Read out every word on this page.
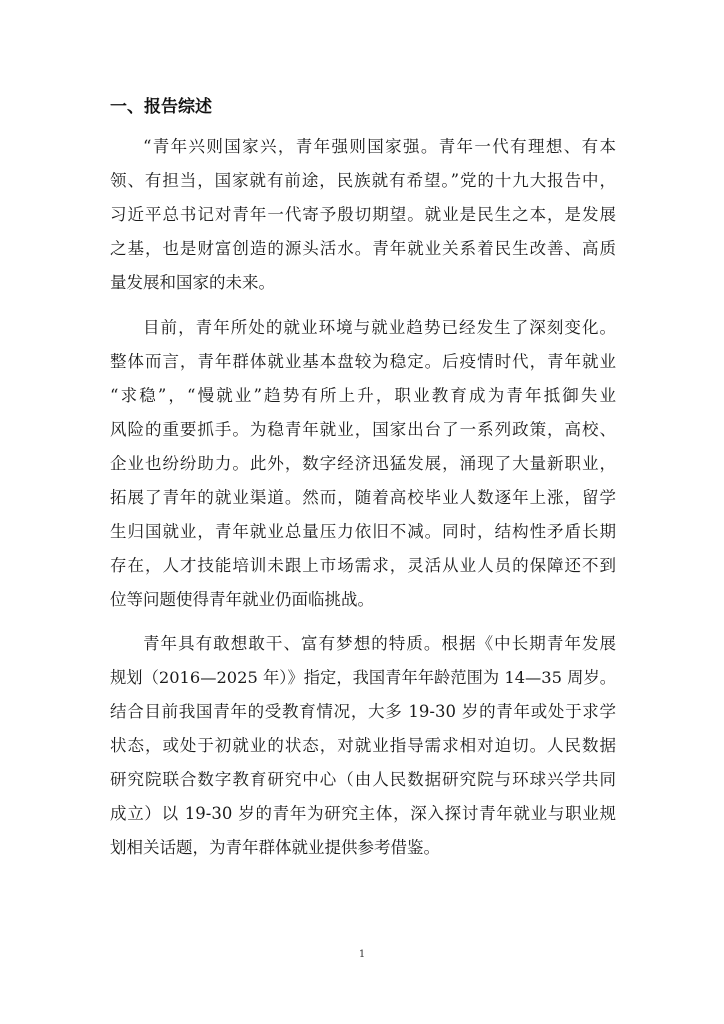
一、报告综述

“青年兴则国家兴，青年强则国家强。青年一代有理想、有本

领、有担当，国家就有前途，民族就有希望。”党的十九大报告中，

习近平总书记对青年一代寄予殷切期望。就业是民生之本，是发展

之基，也是财富创造的源头活水。青年就业关系着民生改善、高质

量发展和国家的未来。

目前，青年所处的就业环境与就业趋势已经发生了深刻变化。

整体而言，青年群体就业基本盘较为稳定。后疫情时代，青年就业

“求稳”，“慢就业”趋势有所上升，职业教育成为青年抵御失业

风险的重要抓手。为稳青年就业，国家出台了一系列政策，高校、

企业也纷纷助力。此外，数字经济迅猛发展，涌现了大量新职业，

拓展了青年的就业渠道。然而，随着高校毕业人数逐年上涨，留学

生归国就业，青年就业总量压力依旧不减。同时，结构性矛盾长期

存在，人才技能培训未跟上市场需求，灵活从业人员的保障还不到

位等问题使得青年就业仍面临挑战。

青年具有敢想敢干、富有梦想的特质。根据《中长期青年发展

规划（2016—2025 年）》指定，我国青年年龄范围为 14—35 周岁。

结合目前我国青年的受教育情况，大多 19-30 岁的青年或处于求学

状态，或处于初就业的状态，对就业指导需求相对迫切。人民数据

研究院联合数字教育研究中心（由人民数据研究院与环球兴学共同

成立）以 19-30 岁的青年为研究主体，深入探讨青年就业与职业规

划相关话题，为青年群体就业提供参考借鉴。

1
